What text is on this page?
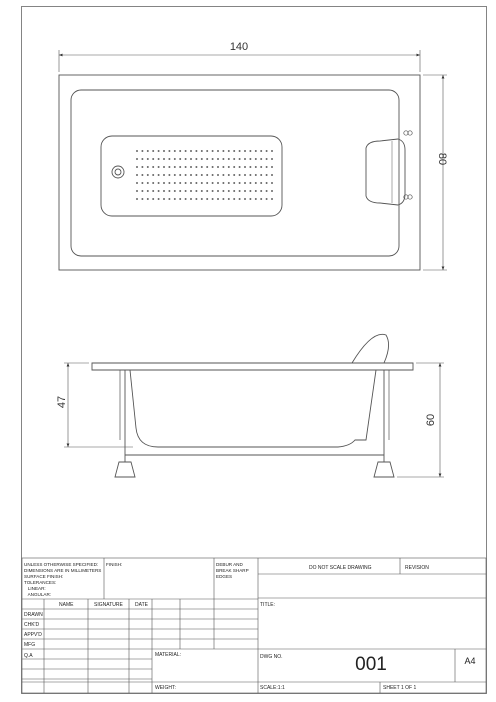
140
80
47
60
UNLESS OTHERWISE SPECIFIED:
DIMENSIONS ARE IN MILLIMETERS
SURFACE FINISH:
TOLERANCES:
LINEAR:
ANGULAR:
FINISH:	DEBUR AND
BREAK SHARP
EDGES
DO NOT SCALE DRAWING	REVISION
NAME	SIGNATURE DATE
DRAWN
CHK'D
APPV'D
MFG
Q.A
TITLE:
MATERIAL:	DWG NO.	001	A4
WEIGHT:	SCALE:1:1	SHEET 1 OF 1
